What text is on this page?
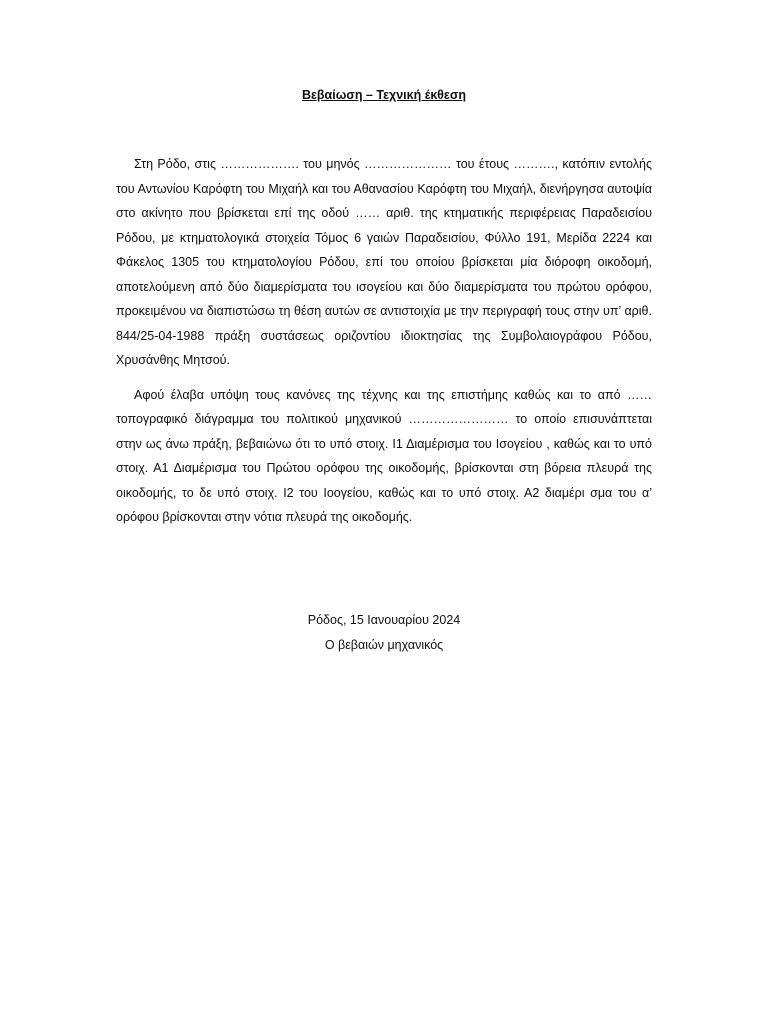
Βεβαίωση – Τεχνική έκθεση

Στη Ρόδο, στις ………………. του μηνός ………………… του έτους ………., κατόπιν εντολής του Αντωνίου Καρόφτη του Μιχαήλ και του Αθανασίου Καρόφτη του Μιχαήλ, διενήργησα αυτοψία στο ακίνητο που βρίσκεται επί της οδού …… αριθ. της κτηματικής περιφέρειας Παραδεισίου Ρόδου, με κτηματολογικά στοιχεία Τόμος 6 γαιών Παραδεισίου, Φύλλο 191, Μερίδα 2224 και Φάκελος 1305 του κτηματολογίου Ρόδου, επί του οποίου βρίσκεται μία διόροφη οικοδομή, αποτελούμενη από δύο διαμερίσματα του ισογείου και δύο διαμερίσματα του πρώτου ορόφου, προκειμένου να διαπιστώσω τη θέση αυτών σε αντιστοιχία με την περιγραφή τους στην υπ’ αριθ. 844/25-04-1988 πράξη συστάσεως οριζοντίου ιδιοκτησίας της Συμβολαιογράφου Ρόδου, Χρυσάνθης Μητσού.

Αφού έλαβα υπόψη τους κανόνες της τέχνης και της επιστήμης καθώς και το από …… τοπογραφικό διάγραμμα του πολιτικού μηχανικού …………………… το οποίο επισυνάπτεται στην ως άνω πράξη, βεβαιώνω ότι το υπό στοιχ. Ι1 Διαμέρισμα του Ισογείου , καθώς και το υπό στοιχ. Α1 Διαμέρισμα του Πρώτου ορόφου της οικοδομής, βρίσκονται στη βόρεια πλευρά της οικοδομής, το δε υπό στοιχ. Ι2 του Ιοογείου, καθώς και το υπό στοιχ. Α2 διαμέρι σμα του α’ ορόφου βρίσκονται στην νότια πλευρά της οικοδομής.

Ρόδος, 15 Ιανουαρίου 2024
Ο βεβαιών μηχανικός
